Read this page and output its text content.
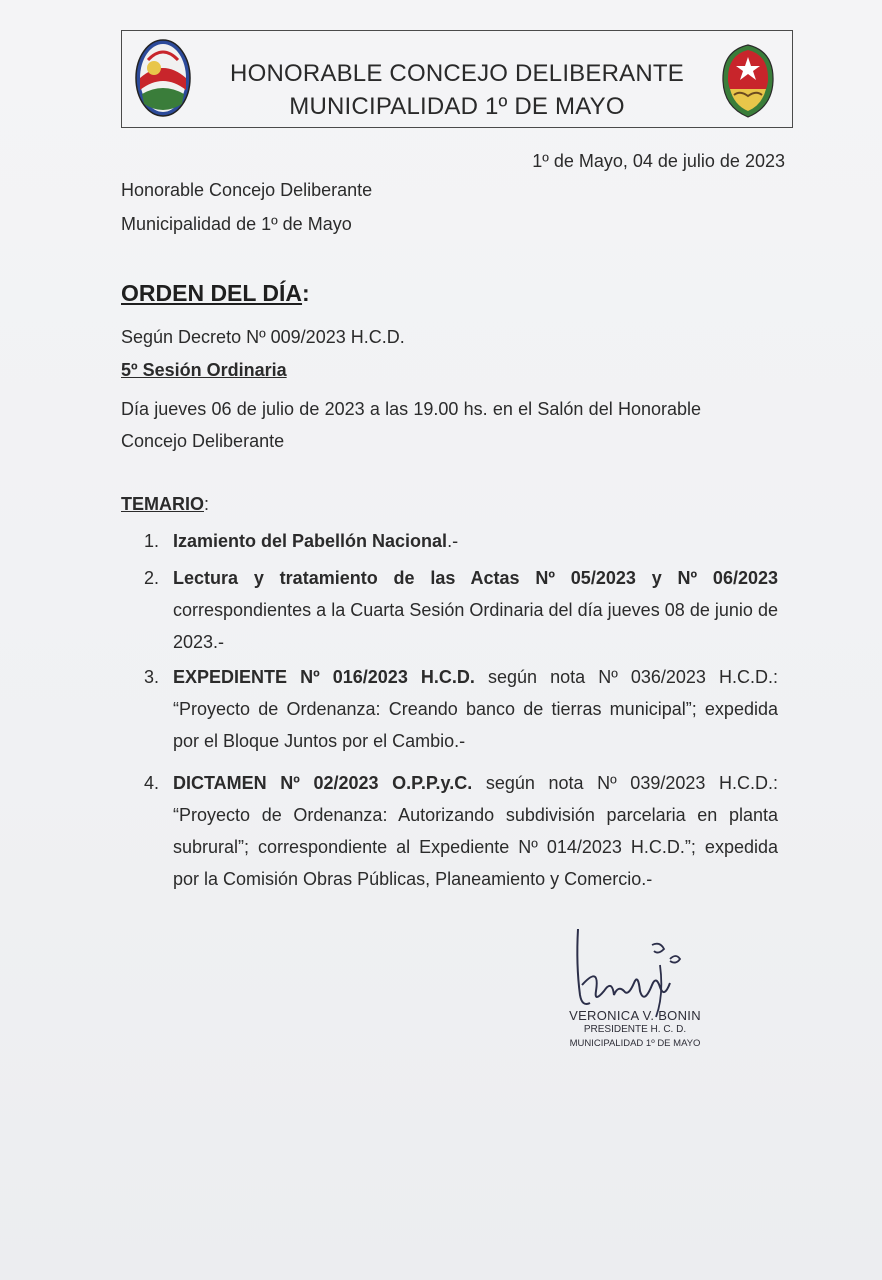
HONORABLE CONCEJO DELIBERANTE
MUNICIPALIDAD 1º DE MAYO
1º de Mayo, 04 de julio de 2023
Honorable Concejo Deliberante
Municipalidad de 1º de Mayo
ORDEN DEL DÍA:
Según Decreto Nº 009/2023 H.C.D.
5º Sesión Ordinaria
Día jueves 06 de julio de 2023 a las 19.00 hs. en el Salón del Honorable Concejo Deliberante
TEMARIO:
1. Izamiento del Pabellón Nacional.-
2. Lectura y tratamiento de las Actas Nº 05/2023 y Nº 06/2023 correspondientes a la Cuarta Sesión Ordinaria del día jueves 08 de junio de 2023.-
3. EXPEDIENTE Nº 016/2023 H.C.D. según nota Nº 036/2023 H.C.D.: “Proyecto de Ordenanza: Creando banco de tierras municipal”; expedida por el Bloque Juntos por el Cambio.-
4. DICTAMEN Nº 02/2023 O.P.P.y.C. según nota Nº 039/2023 H.C.D.: “Proyecto de Ordenanza: Autorizando subdivisión parcelaria en planta subrural”; correspondiente al Expediente Nº 014/2023 H.C.D.”; expedida por la Comisión Obras Públicas, Planeamiento y Comercio.-
VERONICA V. BONIN
PRESIDENTE H. C. D.
MUNICIPALIDAD 1º DE MAYO
